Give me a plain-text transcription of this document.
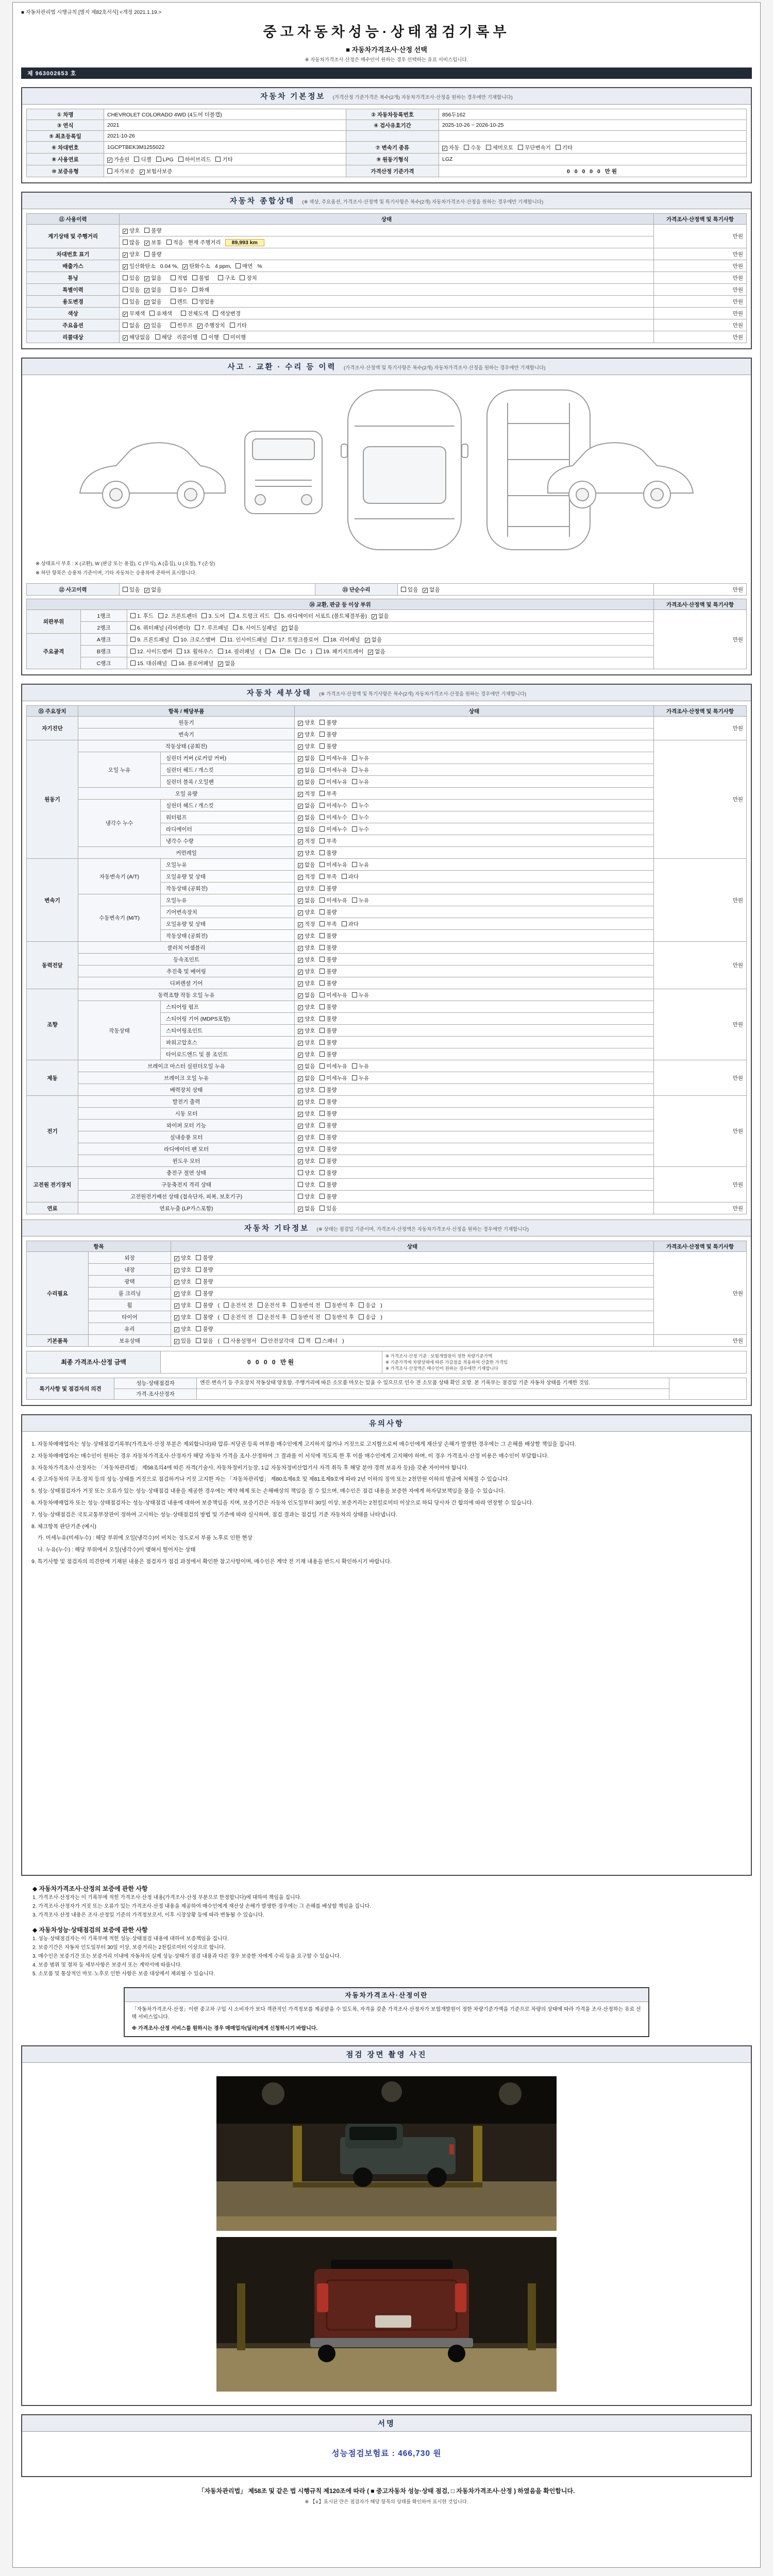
■ 자동차관리법 시행규칙 [별지 제82호서식] <개정 2021.1.19.>
중고자동차성능·상태점검기록부
■ 자동차가격조사·산정 선택
※ 자동차가격조사·산정은 매수인이 원하는 경우 선택하는 유료 서비스입니다.
제 963002653 호
자동차 기본정보 (가격산정 기준가격은 복수(2개) 자동차가격조사·산정을 원하는 경우에만 기재합니다)
① 차명	CHEVROLET COLORADO 4WD (4도어 더블캡)	② 자동차등록번호	856두162
③ 연식	2021	④ 검사유효기간	2025-10-26 ~ 2026-10-25
⑤ 최초등록일	2021-10-26		
⑥ 차대번호	1GCPTBEK3M1255022	⑦ 변속기 종류	✓ 자동 수동 세미오토 무단변속기 기타
⑧ 사용연료	✓ 가솔린 디젤 LPG 하이브리드 기타	⑨ 원동기형식	LGZ
⑩ 보증유형	자가보증 ✓ 보험사보증	가격산정 기준가격	0 0 0 0 0 만원
자동차 종합상태 (※ 색상, 주요옵션, 가격조사·산정액 및 특기사항은 복수(2개) 자동차가격조사·산정을 원하는 경우에만 기재합니다)
⑪ 사용이력	상태	가격조사·산정액 및 특기사항
계기상태 및 주행거리	✓ 양호 불량	만원
	많음 ✓ 보통 적음 현재 주행거리 89,993 km	
차대번호 표기	✓ 양호 불량	만원
배출가스	✓ 일산화탄소 0.04 %, ✓ 탄화수소 4 ppm, 매연 %	만원
튜닝	있음 ✓ 없음 적법 불법 구조 장치	만원
특별이력	있음 ✓ 없음 침수 화재	만원
용도변경	있음 ✓ 없음 렌트 영업용	만원
색상	✓ 무채색 유채색 전체도색 색상변경	만원
주요옵션	없음 ✓ 있음 썬루프 ✓ 주행장치 기타	만원
리콜대상	✓ 해당없음 해당 리콜이행 이행 미이행	만원
사고 · 교환 · 수리 등 이력 (가격조사·산정액 및 특기사항은 복수(2개) 자동차가격조사·산정을 원하는 경우에만 기재합니다)
※ 상태표시 부호 : X (교환), W (판금 또는 용접), C (부식), A (흠집), U (요철), T (손상)
※ 하단 항목은 승용차 기준이며, 기타 자동차는 승용차에 준하여 표시합니다.
⑫ 사고이력	있음 ✓ 없음	⑬ 단순수리	있음 ✓ 없음	만원
⑭ 교환, 판금 등 이상 부위			가격조사·산정액 및 특기사항
외판부위	1랭크	1. 후드 2. 프론트펜더 3. 도어 4. 트렁크 리드 5. 라디에이터 서포트 (볼트체결부품) ✓ 없음	만원
	2랭크	6. 쿼터패널 (리어펜더) 7. 루프패널 8. 사이드실패널 ✓ 없음	
주요골격	A랭크	9. 프론트패널 10. 크로스멤버 11. 인사이드패널 17. 트렁크플로어 18. 리어패널 ✓ 없음	
	B랭크	12. 사이드멤버 13. 휠하우스 14. 필러패널 ( A B C ) 19. 패키지트레이 ✓ 없음	
	C랭크	15. 대쉬패널 16. 플로어패널 ✓ 없음	
자동차 세부상태 (※ 가격조사·산정액 및 특기사항은 복수(2개) 자동차가격조사·산정을 원하는 경우에만 기재합니다)
⑮ 주요장치	항목 / 해당부품		상태	가격조사·산정액 및 특기사항
자기진단	원동기		✓ 양호 불량	만원
	변속기		✓ 양호 불량	
원동기	작동상태 (공회전)		✓ 양호 불량	만원
	오일 누유	실린더 커버 (로커암 커버)	✓ 없음 미세누유 누유	
		실린더 헤드 / 개스킷	✓ 없음 미세누유 누유	
		실린더 블록 / 오일팬	✓ 없음 미세누유 누유	
	오일 유량		✓ 적정 부족	
	냉각수 누수	실린더 헤드 / 개스킷	✓ 없음 미세누수 누수	
		워터펌프	✓ 없음 미세누수 누수	
		라디에이터	✓ 없음 미세누수 누수	
		냉각수 수량	✓ 적정 부족	
	커먼레일		✓ 양호 불량	
변속기	자동변속기 (A/T)	오일누유	✓ 없음 미세누유 누유	만원
		오일유량 및 상태	✓ 적정 부족 과다	
		작동상태 (공회전)	✓ 양호 불량	
	수동변속기 (M/T)	오일누유	✓ 없음 미세누유 누유	
		기어변속장치	✓ 양호 불량	
		오일유량 및 상태	✓ 적정 부족 과다	
		작동상태 (공회전)	✓ 양호 불량	
동력전달	클러치 어셈블리		✓ 양호 불량	만원
	등속조인트		✓ 양호 불량	
	추진축 및 베어링		✓ 양호 불량	
	디퍼렌셜 기어		✓ 양호 불량	
조향	동력조향 작동 오일 누유		✓ 없음 미세누유 누유	만원
	작동상태	스티어링 펌프	✓ 양호 불량	
		스티어링 기어 (MDPS포함)	✓ 양호 불량	
		스티어링조인트	✓ 양호 불량	
		파워고압호스	✓ 양호 불량	
		타이로드엔드 및 볼 조인트	✓ 양호 불량	
제동	브레이크 마스터 실린더오일 누유		✓ 없음 미세누유 누유	만원
	브레이크 오일 누유		✓ 없음 미세누유 누유	
	배력장치 상태		✓ 양호 불량	
전기	발전기 출력		✓ 양호 불량	만원
	시동 모터		✓ 양호 불량	
	와이퍼 모터 기능		✓ 양호 불량	
	실내송풍 모터		✓ 양호 불량	
	라디에이터 팬 모터		✓ 양호 불량	
	윈도우 모터		✓ 양호 불량	
고전원 전기장치	충전구 절연 상태		양호 불량	만원
	구동축전지 격리 상태		양호 불량	
	고전원전기배선 상태 (접속단자, 피복, 보호기구)		양호 불량	
연료	연료누출 (LP가스포함)		✓ 없음 있음	만원
자동차 기타정보 (※ 상태는 점검일 기준이며, 가격조사·산정액은 자동차가격조사·산정을 원하는 경우에만 기재합니다)
항목		상태	가격조사·산정액 및 특기사항
수리필요	외장	✓ 양호 불량	만원
	내장	✓ 양호 불량	
	광택	✓ 양호 불량	
	룸 크리닝	✓ 양호 불량	
	휠	✓ 양호 불량 ( 운전석 전 운전석 후 동반석 전 동반석 후 응급 )	
	타이어	✓ 양호 불량 ( 운전석 전 운전석 후 동반석 전 동반석 후 응급 )	
	유리	✓ 양호 불량	
기본품목	보유상태	✓ 있음 없음 ( 사용설명서 안전삼각대 잭 스패너 )	만원
최종 가격조사·산정 금액	0 0 0 0 만원	※ 가격조사·산정 기준 : 보험개발원이 정한 차량기준가액
※ 기준가격에 차량상태에 따른 가감점을 적용하여 산출한 가격임
※ 가격조사·산정액은 매수인이 원하는 경우에만 기재합니다
특기사항 및 점검자의 의견	성능·상태점검자	엔진·변속기 등 주요장치 작동상태 양호함. 주행거리에 따른 소모품 마모는 있을 수 있으므로 인수 전 소모품 상태 확인 요망. 본 기록부는 점검일 기준 자동차 상태를 기재한 것임.	
	가격·조사산정자		
유의사항
1. 자동차매매업자는 성능·상태점검기록부(가격조사·산정 부분은 제외합니다)와 압류·저당권 등록 여부를 매수인에게 고지하지 않거나 거짓으로 고지함으로써 매수인에게 재산상 손해가 발생한 경우에는 그 손해를 배상할 책임을 집니다.
2. 자동차매매업자는 매수인이 원하는 경우 자동차가격조사·산정자가 해당 자동차 가격을 조사·산정하여 그 결과를 이 서식에 적도록 한 후 이를 매수인에게 고지해야 하며, 이 경우 가격조사·산정 비용은 매수인이 부담합니다.
3. 자동차가격조사·산정자는 「자동차관리법」 제58조의4에 따른 자격(기술사, 자동차정비기능장, 1급 자동차정비산업기사 자격 취득 후 해당 분야 경력 보유자 등)을 갖춘 자이어야 합니다.
4. 중고자동차의 구조·장치 등의 성능·상태를 거짓으로 점검하거나 거짓 고지한 자는 「자동차관리법」 제80조제6호 및 제81조제9호에 따라 2년 이하의 징역 또는 2천만원 이하의 벌금에 처해질 수 있습니다.
5. 성능·상태점검자가 거짓 또는 오류가 있는 성능·상태점검 내용을 제공한 경우에는 계약 해제 또는 손해배상의 책임을 질 수 있으며, 매수인은 점검 내용을 보증한 자에게 하자담보책임을 물을 수 있습니다.
6. 자동차매매업자 또는 성능·상태점검자는 성능·상태점검 내용에 대하여 보증책임을 지며, 보증기간은 자동차 인도일부터 30일 이상, 보증거리는 2천킬로미터 이상으로 하되 당사자 간 합의에 따라 연장할 수 있습니다.
7. 성능·상태점검은 국토교통부장관이 정하여 고시하는 성능·상태점검의 방법 및 기준에 따라 실시하며, 점검 결과는 점검일 기준 자동차의 상태를 나타냅니다.
8. 체크항목 판단기준 (예시)
가. 미세누유(미세누수) : 해당 부위에 오일(냉각수)이 비치는 정도로서 부품 노후로 인한 현상
나. 누유(누수) : 해당 부위에서 오일(냉각수)이 맺혀서 떨어지는 상태
9. 특기사항 및 점검자의 의견란에 기재된 내용은 점검자가 점검 과정에서 확인한 참고사항이며, 매수인은 계약 전 기재 내용을 반드시 확인하시기 바랍니다.
◆ 자동차가격조사·산정의 보증에 관한 사항
1. 가격조사·산정자는 이 기록부에 적힌 가격조사·산정 내용(가격조사·산정 부분으로 한정합니다)에 대하여 책임을 집니다.
2. 가격조사·산정자가 거짓 또는 오류가 있는 가격조사·산정 내용을 제공하여 매수인에게 재산상 손해가 발생한 경우에는 그 손해를 배상할 책임을 집니다.
3. 가격조사·산정 내용은 조사·산정일 기준의 가격정보로서, 이후 시장상황 등에 따라 변동될 수 있습니다.
◆ 자동차성능·상태점검의 보증에 관한 사항
1. 성능·상태점검자는 이 기록부에 적힌 성능·상태점검 내용에 대하여 보증책임을 집니다.
2. 보증기간은 자동차 인도일부터 30일 이상, 보증거리는 2천킬로미터 이상으로 합니다.
3. 매수인은 보증기간 또는 보증거리 이내에 자동차의 실제 성능·상태가 점검 내용과 다른 경우 보증한 자에게 수리 등을 요구할 수 있습니다.
4. 보증 범위 및 절차 등 세부사항은 보증서 또는 계약서에 따릅니다.
5. 소모품 및 통상적인 마모·노후로 인한 사항은 보증 대상에서 제외될 수 있습니다.
자동차가격조사·산정이란
「자동차가격조사·산정」이란 중고차 구입 시 소비자가 보다 객관적인 가격정보를 제공받을 수 있도록, 자격을 갖춘 가격조사·산정자가 보험개발원이 정한 차량기준가액을 기준으로 차량의 상태에 따라 가격을 조사·산정하는 유료 선택 서비스입니다.
※ 가격조사·산정 서비스를 원하시는 경우 매매업자(딜러)에게 신청하시기 바랍니다.
점검 장면 촬영 사진
서명
성능점검보험료 : 466,730 원
「자동차관리법」 제58조 및 같은 법 시행규칙 제120조에 따라 ( ■ 중고자동차 성능·상태 점검, □ 자동차가격조사·산정 ) 하였음을 확인합니다.
※ 【∨】표시된 란은 점검자가 해당 항목의 상태를 확인하여 표시한 것입니다.
